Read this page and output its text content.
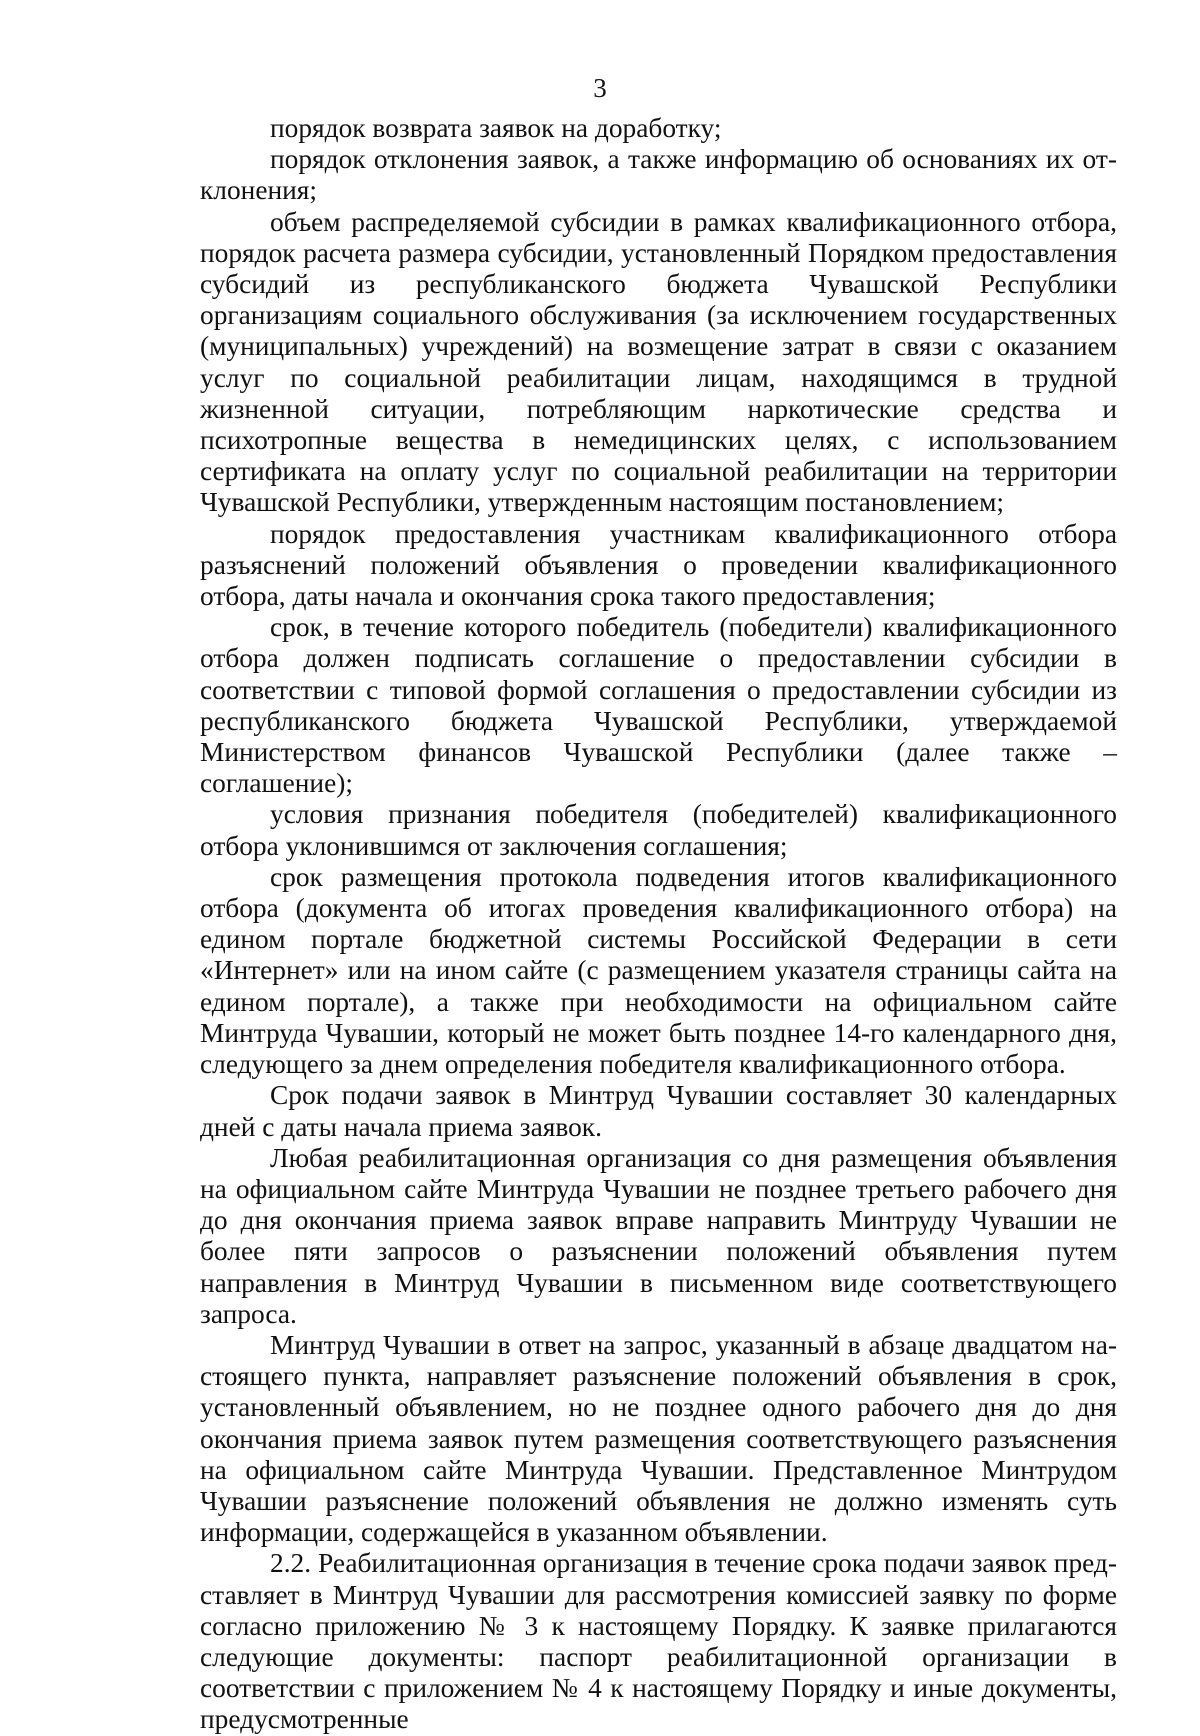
3

порядок возврата заявок на доработку;

порядок отклонения заявок, а также информацию об основаниях их отклонения;

объем распределяемой субсидии в рамках квалификационного отбора, порядок расчета размера субсидии, установленный Порядком предоставления субсидий из республиканского бюджета Чувашской Республики организациям социального обслуживания (за исключением государственных (муниципальных) учреждений) на возмещение затрат в связи с оказанием услуг по социальной реабилитации лицам, находящимся в трудной жизненной ситуации, потребляющим наркотические средства и психотропные вещества в немедицинских целях, с использованием сертификата на оплату услуг по социальной реабилитации на территории Чувашской Республики, утвержденным настоящим постановлением;

порядок предоставления участникам квалификационного отбора разъяснений положений объявления о проведении квалификационного отбора, даты начала и окончания срока такого предоставления;

срок, в течение которого победитель (победители) квалификационного отбора должен подписать соглашение о предоставлении субсидии в соответствии с типовой формой соглашения о предоставлении субсидии из республиканского бюджета Чувашской Республики, утверждаемой Министерством финансов Чувашской Республики (далее также – соглашение);

условия признания победителя (победителей) квалификационного отбора уклонившимся от заключения соглашения;

срок размещения протокола подведения итогов квалификационного отбора (документа об итогах проведения квалификационного отбора) на едином портале бюджетной системы Российской Федерации в сети «Интернет» или на ином сайте (с размещением указателя страницы сайта на едином портале), а также при необходимости на официальном сайте Минтруда Чувашии, который не может быть позднее 14-го календарного дня, следующего за днем определения победителя квалификационного отбора.

Срок подачи заявок в Минтруд Чувашии составляет 30 календарных дней с даты начала приема заявок.

Любая реабилитационная организация со дня размещения объявления на официальном сайте Минтруда Чувашии не позднее третьего рабочего дня до дня окончания приема заявок вправе направить Минтруду Чувашии не более пяти запросов о разъяснении положений объявления путем направления в Минтруд Чувашии в письменном виде соответствующего запроса.

Минтруд Чувашии в ответ на запрос, указанный в абзаце двадцатом настоящего пункта, направляет разъяснение положений объявления в срок, установленный объявлением, но не позднее одного рабочего дня до дня окончания приема заявок путем размещения соответствующего разъяснения на официальном сайте Минтруда Чувашии. Представленное Минтрудом Чувашии разъяснение положений объявления не должно изменять суть информации, содержащейся в указанном объявлении.

2.2. Реабилитационная организация в течение срока подачи заявок представляет в Минтруд Чувашии для рассмотрения комиссией заявку по форме согласно приложению № 3 к настоящему Порядку. К заявке прилагаются следующие документы: паспорт реабилитационной организации в соответствии с приложением № 4 к настоящему Порядку и иные документы, предусмотренные
